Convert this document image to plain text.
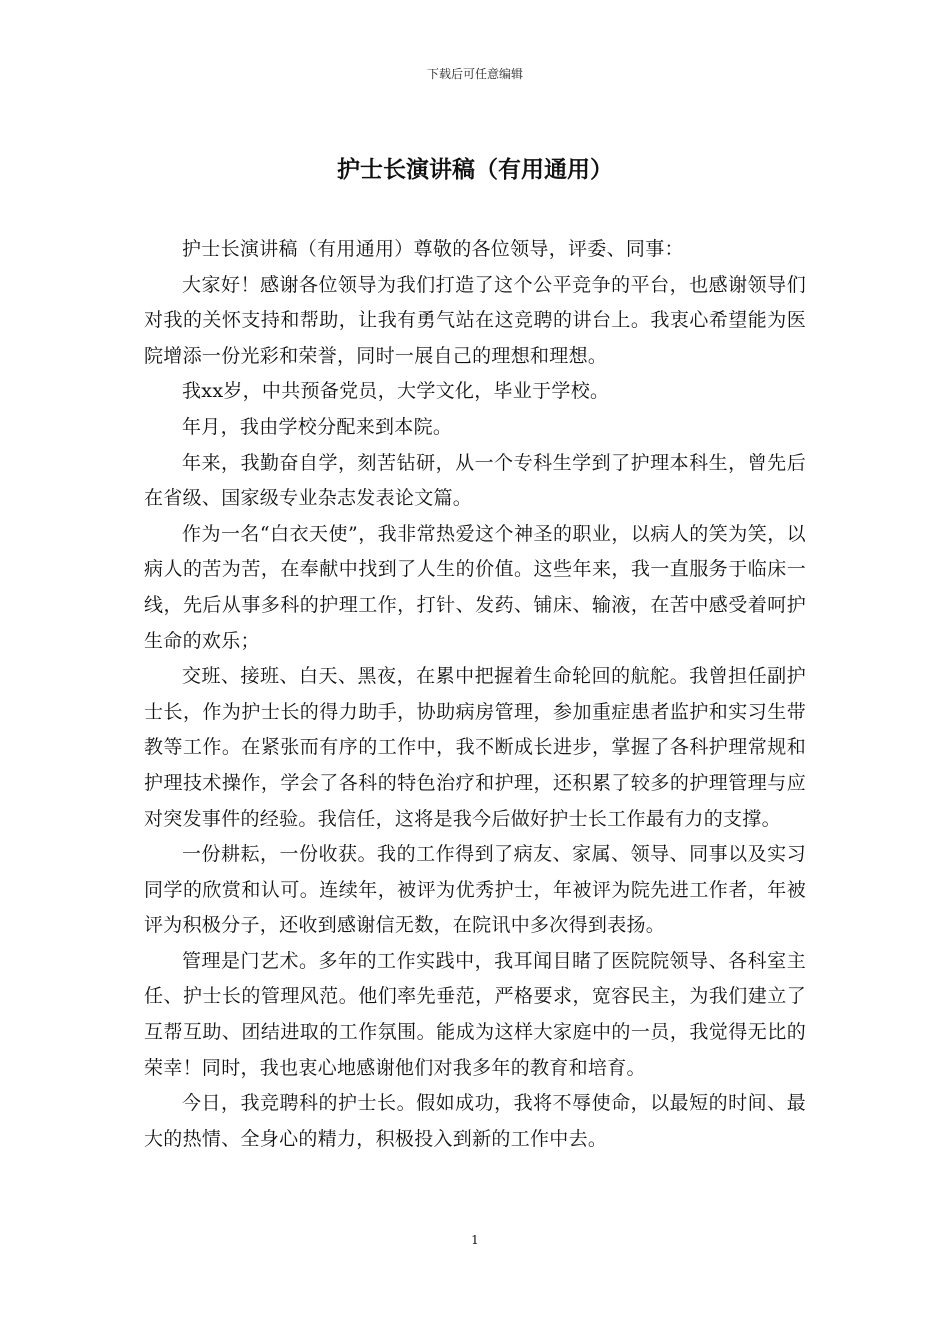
下载后可任意编辑
护士长演讲稿（有用通用）

护士长演讲稿（有用通用）尊敬的各位领导，评委、同事：

大家好！感谢各位领导为我们打造了这个公平竞争的平台，也感谢领导们对我的关怀支持和帮助，让我有勇气站在这竞聘的讲台上。我衷心希望能为医院增添一份光彩和荣誉，同时一展自己的理想和理想。

我xx岁，中共预备党员，大学文化，毕业于学校。

年月，我由学校分配来到本院。

年来，我勤奋自学，刻苦钻研，从一个专科生学到了护理本科生，曾先后在省级、国家级专业杂志发表论文篇。

作为一名“白衣天使”，我非常热爱这个神圣的职业，以病人的笑为笑，以病人的苦为苦，在奉献中找到了人生的价值。这些年来，我一直服务于临床一线，先后从事多科的护理工作，打针、发药、铺床、输液，在苦中感受着呵护生命的欢乐；

交班、接班、白天、黑夜，在累中把握着生命轮回的航舵。我曾担任副护士长，作为护士长的得力助手，协助病房管理，参加重症患者监护和实习生带教等工作。在紧张而有序的工作中，我不断成长进步，掌握了各科护理常规和护理技术操作，学会了各科的特色治疗和护理，还积累了较多的护理管理与应对突发事件的经验。我信任，这将是我今后做好护士长工作最有力的支撑。

一份耕耘，一份收获。我的工作得到了病友、家属、领导、同事以及实习同学的欣赏和认可。连续年，被评为优秀护士，年被评为院先进工作者，年被评为积极分子，还收到感谢信无数，在院讯中多次得到表扬。

管理是门艺术。多年的工作实践中，我耳闻目睹了医院院领导、各科室主任、护士长的管理风范。他们率先垂范，严格要求，宽容民主，为我们建立了互帮互助、团结进取的工作氛围。能成为这样大家庭中的一员，我觉得无比的荣幸！同时，我也衷心地感谢他们对我多年的教育和培育。

今日，我竞聘科的护士长。假如成功，我将不辱使命，以最短的时间、最大的热情、全身心的精力，积极投入到新的工作中去。

1
